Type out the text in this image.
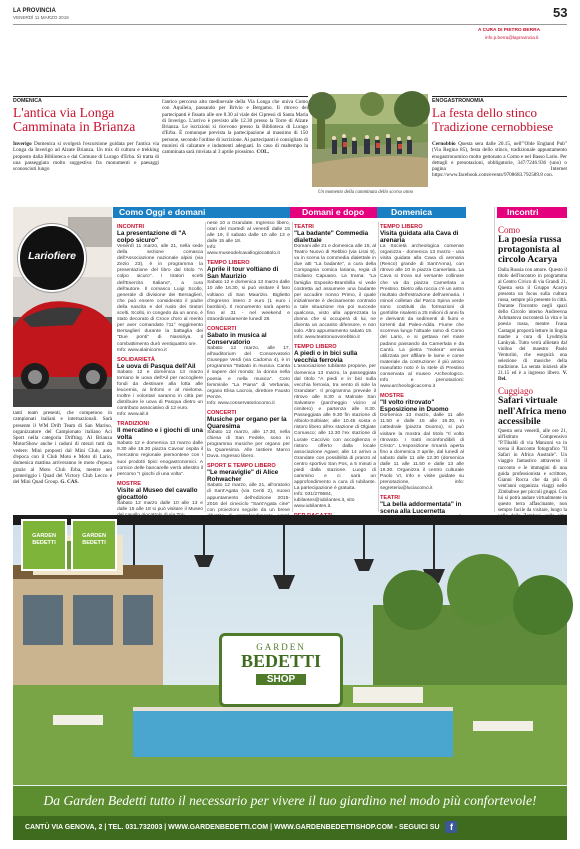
LA PROVINCIA
VENERDÌ 11 MARZO 2016	53
A CURA DI PIETRO BERRA
info p.berra@laprovincia.it
DOMENICA
L'antica via Longa
Camminata in Brianza
Inverigo Domenica si svolgerà l'escursione guidata per l'antica via Longa da Inverigo ad Alzate Brianza. Un mix di cultura e trekking proposto dalla Biblioteca e dal Comune di Lurago d'Erba. Si tratta di una passeggiata molto suggestiva fra monumenti e paesaggi sconosciuti lungo
l'antico percorso alto medioevale della Via Longa che univa Como con Aquileia, passando per Brivio e Bergamo. Il ritrovo dei partecipanti è fissato alle ore 8.30 al viale dei Cipressi di Santa Maria di Inverigo. L'arrivo è previsto alle 12.30 presso la Torre di Alzate Brianza. Le iscrizioni si ricevono presso la Biblioteca di Lurago d'Erba. È comunque prevista la partecipazione al massimo di 150 persone, secondo l'ordine di iscrizione. Ai partecipanti è consigliato di munirsi di calzature e indumenti adeguati. In caso di maltempo la camminata sarà rinviata al 3 aprile prossimo. COL.
Un momento della camminata dello scorso anno
ENOGASTRONOMIA
La festa dello stinco
Tradizione cernobbiese
Cernobbio Questa sera dalle 20.15, nell'"Olde England Pub" (Via Regina 85), festa dello stinco, tradizionale appuntamento enogastronomico molto gettonato a Como e nel Basso Lario. Per dettagli e prenotazioni, obbligatorie, 347/7246.936 (uno) o pagina Internet https://www.facebook.com/events/9708683.792589.8 con.
Como Oggi e domani	Domani e dopo	Domenica	Incontri
Lariofiere
tanti team presenti, che competono in campionati italiani e internazionali. Sarà presente il WM Drift Team di San Marino, organizzatore del Campionato italiano Aci Sport nella categoria Drifting. Al Brianza MotorShow anche i raduni di mezzi tutti da vedere: Mini proposti dal Mini Club, auto d'epoca con il Club Moto e Moto di Lario, domenica mattina arriveranno le moto d'epoca grazie al Moto Club Erba, mentre nel pomeriggio i Quad del Victory Club Lecco e del Mini Quad Group. G. CAS.
INCONTRI
La presentazione di "A colpo sicuro"
Venerdì 11 marzo, alle 21, nella sede della sezione comasca dell'Associazione nazionale alpini (via Zezio 23), è in programma la presentazione del libro dal titolo "A colpo sicuro". I tiratori scelti dell'Esercito Italiano", a cura dell'autore. Il comasco Luigi Scollo, generale di divisione dei Bersaglieri, che può essere considerato il padre della nascita e del ruolo dei tiratori scelti. Scollo, in congedo da un anno, è stato decorato di Croce d'oro al merito per aver comandato l'11° reggimento Bersaglieri durante la battaglia dei "Due ponti" di Nassiriya. Il combattimento durò ventiquattro ore.
Info: www.alainicomo.it
SOLIDARIETÀ
Le uova di Pasqua dell'Ail
Sabato 12 e domenica 13 marzo tornano le uova dell'Ail per raccogliere fondi da destinare alla lotta alle leucemia, ai linfomi e al mieloma. Inoltre i volontari saranno in città per distribuire le uova di Pasqua dietro un contributo associativo di 12 euro.
Info: www.ail.it
TRADIZIONI
Il mercatino e i giochi di una volta
Sabato 12 e domenica 13 marzo dalle 9.30 alle 18.30 piazza Cavour ospita il mercatino regionale piemontese con i suoi prodotti tipici enogastronomici. A cornice delle bancarelle verrà allestito il percorso "I giochi di una volta".
MOSTRE
Visite al Museo del cavallo giocattolo
Sabato 12 marzo dalle 10 alle 13 e dalle 15 alle 18 si può visitare il Museo
nese 10 a Grandate. Ingresso libero, orari del martedì al venerdì dalle 15 alle 19, il sabato dalle 10 alle 13 e dalle 15 alle 18.
Info: www.museodelcavallogiocattolo.it
TEMPO LIBERO
Aprile il tour voltiano di San Maurizio
Sabato 12 e domenica 13 marzo dalle 10 alle 16.30, si può visitare il faro voltiano di San Maurizio. Biglietto d'ingresso intero 2 euro (1 euro i bambini). Il monumento sarà aperto fino al 31 - nel weekend e straordinariamente lunedì 28.
CONCERTI
Sabato in musica al Conservatorio
Sabato 12 marzo, alle 17, all'auditorium del Conservatorio Giuseppe Verdi (via Cadorna 4), è in programma "Sabato in musica. Canta il sapere del mondo: la donna nella poesia e nella musica". Coro femminile "La Piana" di Verbania, organo Elisa Lacroix, direttore Fausto Penze.
Info: www.conservatoriocomo.it
CONCERTI
Musiche per organo per la Quaresima
Sabato 12 marzo, alle 17.30, nella chiesa di San Fedele, sono in programma musiche per organo per la Quaresima. Alle tastiere Marco Duva. Ingresso libero.
SPORT E TEMPO LIBERO
"Le meraviglie" di Alice Rohwacher
Sabato 12 marzo, alle 21, all'oratorio di Sant'Agata (via Ceriti 2), nuovo appuntamento dell'edizione 2015-2016 del cineciclo "Sant'Agata cine" con proiezioni seguite da un breve
TEATRI
"La badante" Commedia dialettale
Domani alle 21 e domenica alle 15, al Teatro Nuovo di Rebbio (via Lissi 9), va in scena la commedia dialettale in due atti "La badante", a cura della Compagnia comica lariana, regia di Giuliano Capuano. La trama: "La famiglia Esposito-Brambilla si vede costretta ad assumere una badante per accudire nonno Primo, il quale inizialmente è decisamente contrario a tale situazione ma poi succede qualcosa, visto alla apprezzata la donna che si occuperà di lui, ne diventa un accanito difensore, e non solo. Altro appuntamento sabato 19.
Info: www.teatronuovorebbio.it
TEMPO LIBERO
A piedi o in bici sulla vecchia ferrovia
L'associazione Iubilante propone, per domenica 13 marzo, la passeggiata dal titolo "A piedi e in bici sulla vecchia ferrovia, tra vento di sole la Grandate". Il programma prevede il ritrovo alle 8.30 a Malnate San Salvatore (parcheggio vicino al cimitero) e partenza alle 8.30. Passeggiata alle 9.30 fin stazione di Albiolo-Solbiate; alle 10.45 sosta e ristoro libero all'ex stazione di Olgiate Comasco; alle 12.30 l'ex stazione di Lurate Caccivio con accoglienza e ristoro offerto dalla locale associazione Agave; alle 14 arrivo a Grandate con possibilità di pranzo al centro sportivo San Pos, a 5 minuti a piedi dalla stazione. Luogo di cammino e ci sarà un approfondimento a cura di Iubilante. La partecipazione è gratuita.
Info: 031/279684, iubilantes@iubilantes.it, sito www.iubilantes.it.
TEMPO LIBERO
Visita guidata alla Cava di arenaria
La Società archeologica comense organizza - domenica 13 marzo - una visita guidata alla Cava di arenaria (Resco) grande di Sant'Anna), con ritrovo alle 10 in piazza Camerlata. La Cava si trova sul versante collinare che va da piazza Camerlata a Prestino. Dietro alla roccia c'è un antro risultato dell'estrazione dell'arenaria. I minori colletan dal Parco Spina verde sono costituiti da formazioni di gonfolite risalenti a 25 milioni di anni fa e derivanti da sedimenti di fiumi e torrenti dal Paleo-Adda. Fiume che scorreva lungo l'attuale ramo di Como del Lario, e si gettava nel mare padano passando da Camerlata e da Cantù. La pietra "molera" veniva utilizzata per affilare le lame e come materiale da costruzione: il più antico manufatto noto è la stele di Prestino conservata al museo Archeologico. Info e prenotazioni: www.archeologicacomo.it
MOSTRE
"Il volto ritrovato" Esposizione in Duomo
Domenica 13 marzo, dalle 11 alle 11.50 e dalle 15 alle 16.30, in cattedrale (piazza Duomo), si può visitare la mostra dal titolo "Il volto ritrovato. I tratti inconfondibili di Cristo". L'esposizione rimarrà aperta fino a domenica 3 aprile, dal lunedì al sabato dalle 11 alle 12.30 (domenica dalle 11 alle 11.50 e dalle 13 alle 16.30. Organizza il centro culturale Paolo VI, info e visite guidate su prenotazione, info: segreteria@luciacomo.it
TEATRI
"La bella addormentata" in scena alla Lucernetta
Como
La poesia russa protagonista al circolo Acarya
Dalla Russia con amore. Questo il titolo dell'incontro in programma al Centro Civico di via Grandi 21. Questa sera il Gruppo Acarya presenta un focus sulla cultura russa, sempre più presente in città. Durante l'incontro negli spazi dello Circolo interno Andreevna Achmatova racconterà la vita e la poesia russa, mentre Ivana Castagni proporrà letture in lingua madre a cura di Lyudmyla Lankyak. Tutto verrà allietato dal violino del maestro Paolo Venturini, che eseguirà una selezione di musiche della tradizione. La serata inizierà alle 21.15 ed è a ingresso libero. V. Del.
Cuggiago
Safari virtuale nell'Africa meno accessibile
Questa sera venerdì, alle ore 21, all'Istituto Comprensivo "P.Tibaldi di via Manzoni va in scena il Racconto fotografico "Il Safari in Africa Australe". Un viaggio fantastico attraverso il racconto e le immagini di una guida professionista e scrittore, Gianni Rocca che da più di vent'anni organizza viaggi nello Zimbabwe per piccoli gruppi. Con lui si potrà andare virtualmente in questo terra affascinante, non sempre facile da visitare, lungo la
GARDEN
BEDETTI
GARDEN
BEDETTI
GARDEN
BEDETTI
SHOP
Da Garden Bedetti tutto il necessario per vivere il tuo giardino nel modo più confortevole!
CANTÙ VIA GENOVA, 2 | TEL. 031.732003 | WWW.GARDENBEDETTI.COM | WWW.GARDENBEDETTISHOP.COM - SEGUICI SU f
